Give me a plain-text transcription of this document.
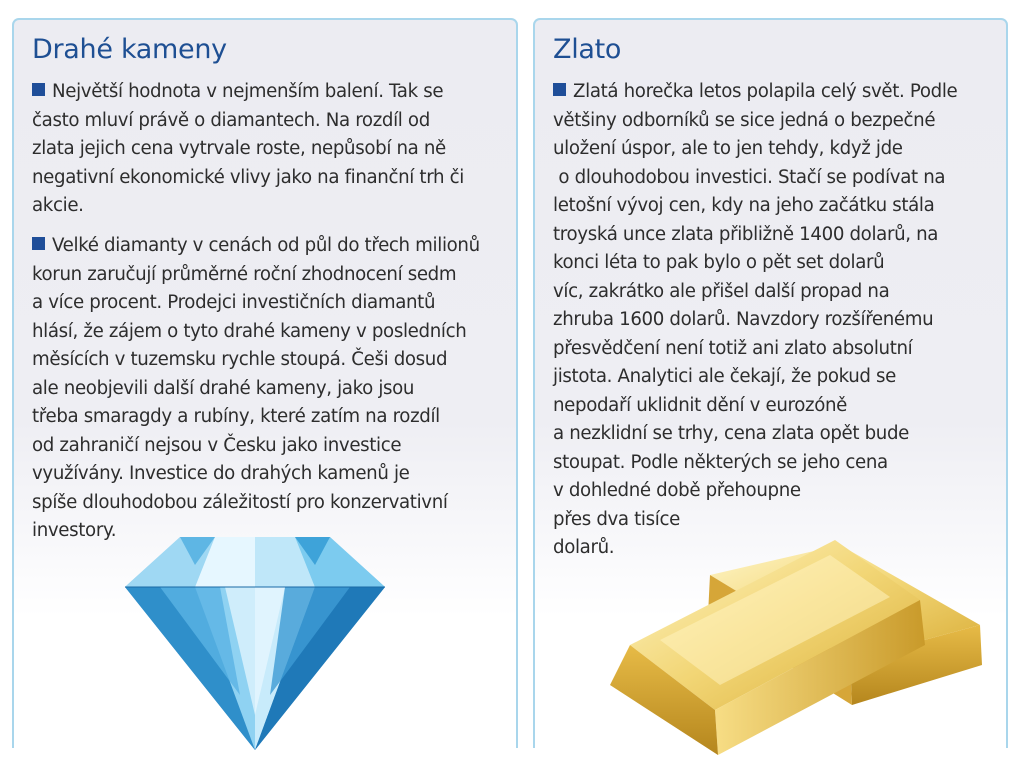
Drahé kameny

Největší hodnota v nejmenším balení. Tak se
často mluví právě o diamantech. Na rozdíl od
zlata jejich cena vytrvale roste, nepůsobí na ně
negativní ekonomické vlivy jako na finanční trh či
akcie.

Velké diamanty v cenách od půl do třech milionů
korun zaručují průměrné roční zhodnocení sedm
a více procent. Prodejci investičních diamantů
hlásí, že zájem o tyto drahé kameny v posledních
měsících v tuzemsku rychle stoupá. Češi dosud
ale neobjevili další drahé kameny, jako jsou
třeba smaragdy a rubíny, které zatím na rozdíl
od zahraničí nejsou v Česku jako investice
využívány. Investice do drahých kamenů je
spíše dlouhodobou záležitostí pro konzervativní
investory.

Zlato

Zlatá horečka letos polapila celý svět. Podle
většiny odborníků se sice jedná o bezpečné
uložení úspor, ale to jen tehdy, když jde
o dlouhodobou investici. Stačí se podívat na
letošní vývoj cen, kdy na jeho začátku stála
troyská unce zlata přibližně 1400 dolarů, na
konci léta to pak bylo o pět set dolarů
víc, zakrátko ale přišel další propad na
zhruba 1600 dolarů. Navzdory rozšířenému
přesvědčení není totiž ani zlato absolutní
jistota. Analytici ale čekají, že pokud se
nepodaří uklidnit dění v eurozóně
a nezklidní se trhy, cena zlata opět bude
stoupat. Podle některých se jeho cena
v dohledné době přehoupne
přes dva tisíce
dolarů.
